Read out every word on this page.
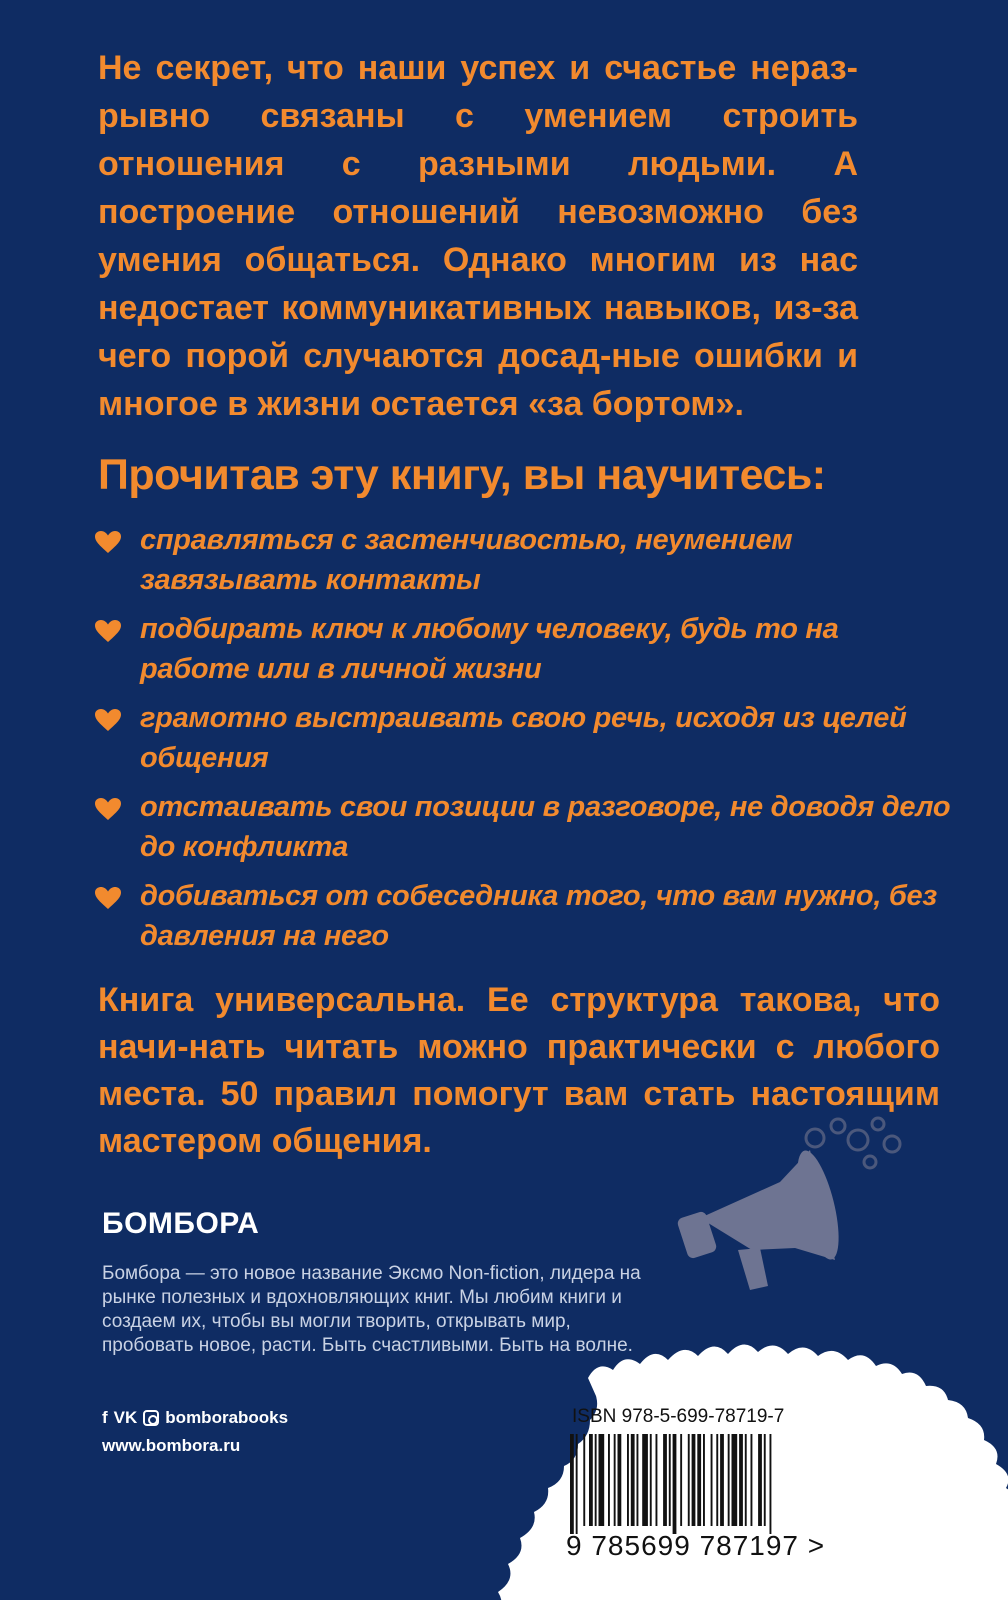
Не секрет, что наши успех и счастье нераз-рывно связаны с умением строить отношения с разными людьми. А построение отношений невозможно без умения общаться. Однако многим из нас недостает коммуникативных навыков, из-за чего порой случаются досад-ные ошибки и многое в жизни остается «за бортом».
Прочитав эту книгу, вы научитесь:
справляться с застенчивостью, неумением завязывать контакты
подбирать ключ к любому человеку, будь то на работе или в личной жизни
грамотно выстраивать свою речь, исходя из целей общения
отстаивать свои позиции в разговоре, не доводя дело до конфликта
добиваться от собеседника того, что вам нужно, без давления на него
Книга универсальна. Ее структура такова, что начи-нать читать можно практически с любого места. 50 правил помогут вам стать настоящим мастером общения.
БОМБОРА
Бомбора — это новое название Эксмо Non-fiction, лидера на рынке полезных и вдохновляющих книг. Мы любим книги и создаем их, чтобы вы могли творить, открывать мир, пробовать новое, расти. Быть счастливыми. Быть на волне.
f VK bomborabooks
www.bombora.ru
ISBN 978-5-699-78719-7
9 785699 787197 >
